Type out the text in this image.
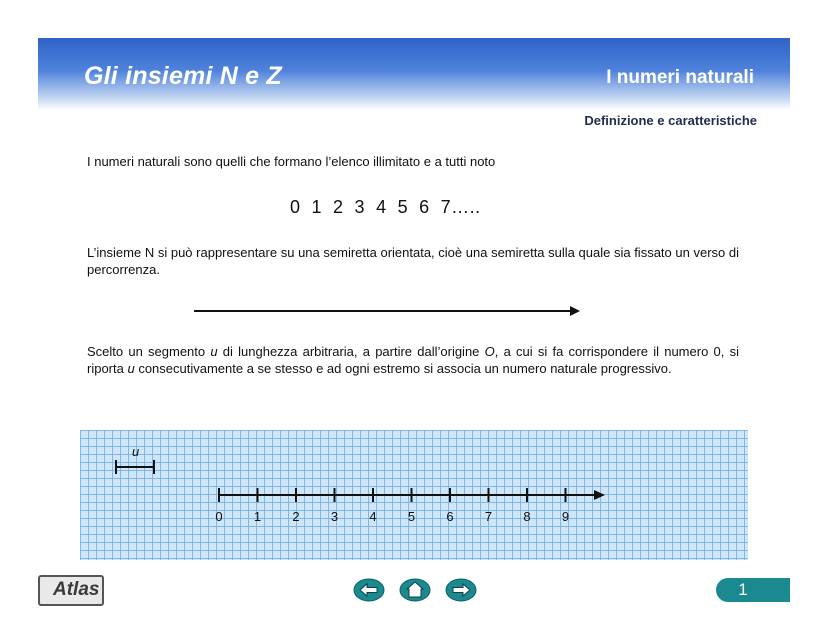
Gli insiemi N e Z	I numeri naturali
Definizione e caratteristiche
I numeri naturali sono quelli che formano l’elenco illimitato e a tutti noto
0 1 2 3 4 5 6 7…..
L’insieme N si può rappresentare su una semiretta orientata, cioè una semiretta sulla quale sia fissato un verso di percorrenza.
Scelto un segmento u di lunghezza arbitraria, a partire dall’origine O, a cui si fa corrispondere il numero 0, si riporta u consecutivamente a se stesso e ad ogni estremo si associa un numero naturale progressivo.
u
0 1 2 3 4 5 6 7 8 9
Atlas	1
